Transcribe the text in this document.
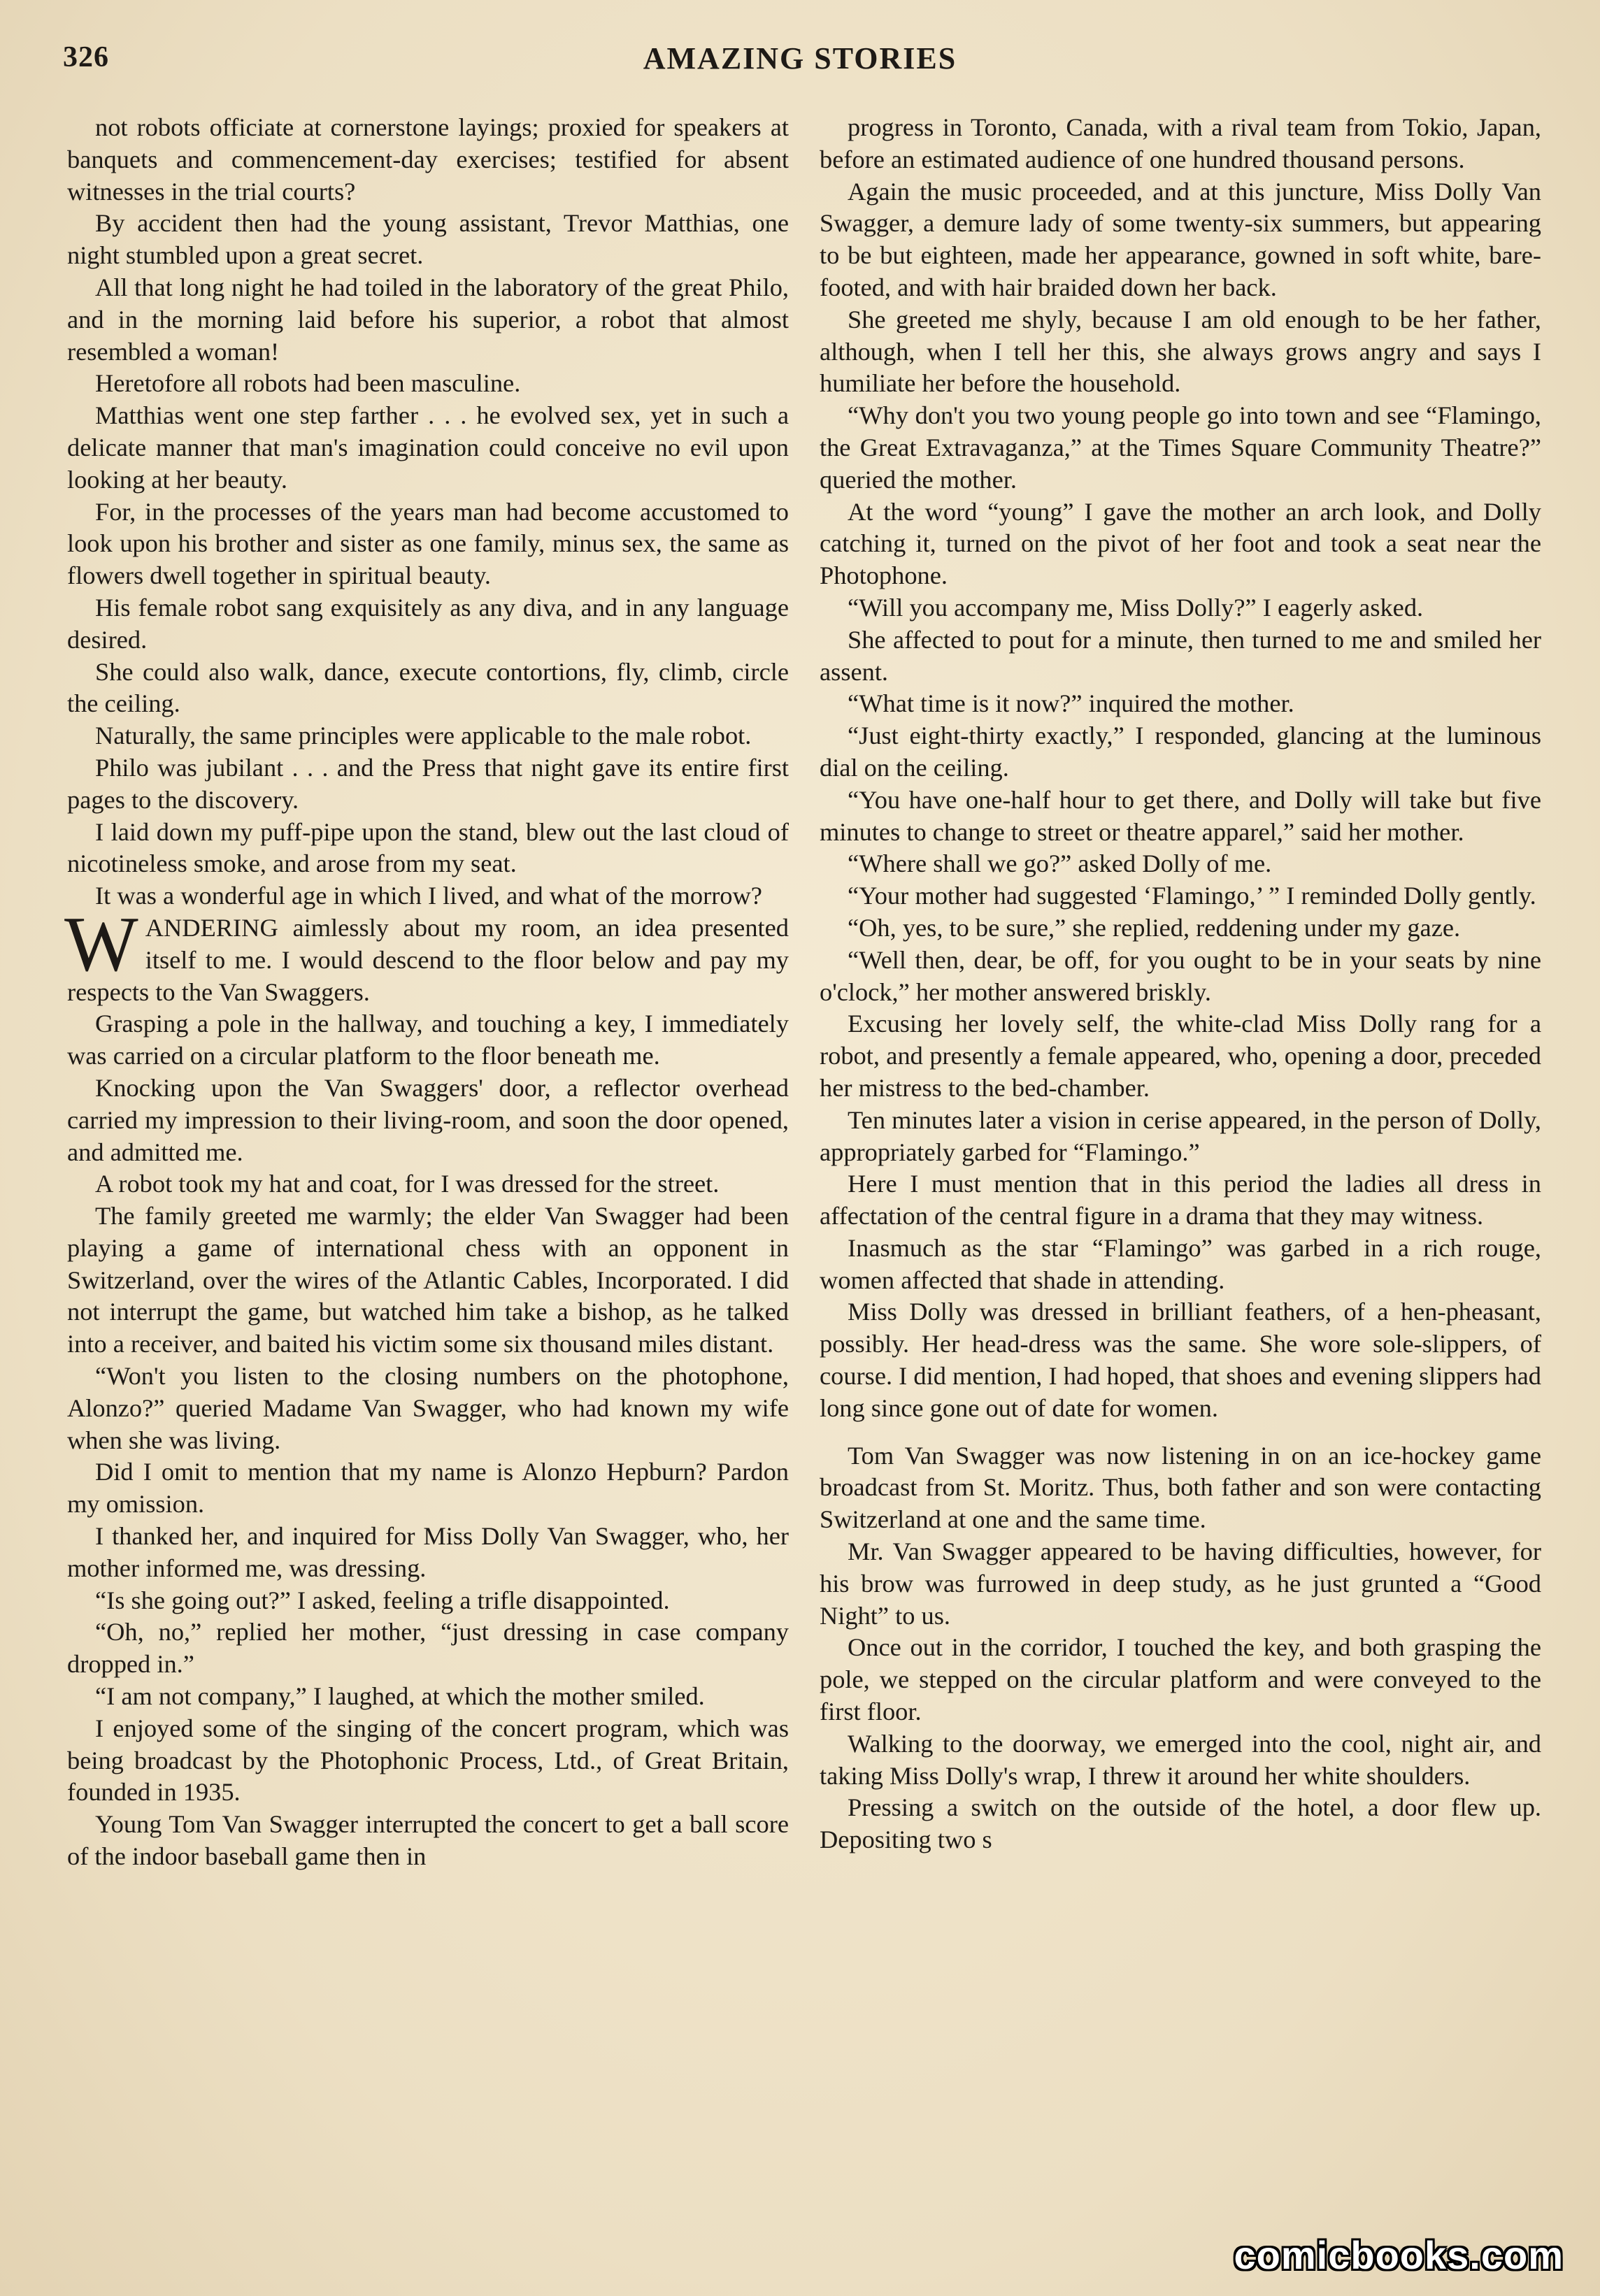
326	AMAZING STORIES

not robots officiate at cornerstone layings; proxied for speakers at banquets and commencement-day exercises; testified for absent witnesses in the trial courts?

By accident then had the young assistant, Trevor Matthias, one night stumbled upon a great secret.

All that long night he had toiled in the laboratory of the great Philo, and in the morning laid before his superior, a robot that almost resembled a woman!

Heretofore all robots had been masculine.

Matthias went one step farther . . . he evolved sex, yet in such a delicate manner that man's imagination could conceive no evil upon looking at her beauty.

For, in the processes of the years man had become accustomed to look upon his brother and sister as one family, minus sex, the same as flowers dwell together in spiritual beauty.

His female robot sang exquisitely as any diva, and in any language desired.

She could also walk, dance, execute contortions, fly, climb, circle the ceiling.

Naturally, the same principles were applicable to the male robot.

Philo was jubilant . . . and the Press that night gave its entire first pages to the discovery.

I laid down my puff-pipe upon the stand, blew out the last cloud of nicotineless smoke, and arose from my seat.

It was a wonderful age in which I lived, and what of the morrow?

WANDERING aimlessly about my room, an idea presented itself to me. I would descend to the floor below and pay my respects to the Van Swaggers.

Grasping a pole in the hallway, and touching a key, I immediately was carried on a circular platform to the floor beneath me.

Knocking upon the Van Swaggers' door, a reflector overhead carried my impression to their living-room, and soon the door opened, and admitted me.

A robot took my hat and coat, for I was dressed for the street.

The family greeted me warmly; the elder Van Swagger had been playing a game of international chess with an opponent in Switzerland, over the wires of the Atlantic Cables, Incorporated. I did not interrupt the game, but watched him take a bishop, as he talked into a receiver, and baited his victim some six thousand miles distant.

“Won't you listen to the closing numbers on the photophone, Alonzo?” queried Madame Van Swagger, who had known my wife when she was living.

Did I omit to mention that my name is Alonzo Hepburn? Pardon my omission.

I thanked her, and inquired for Miss Dolly Van Swagger, who, her mother informed me, was dressing.

“Is she going out?” I asked, feeling a trifle disappointed.

“Oh, no,” replied her mother, “just dressing in case company dropped in.”

“I am not company,” I laughed, at which the mother smiled.

I enjoyed some of the singing of the concert program, which was being broadcast by the Photophonic Process, Ltd., of Great Britain, founded in 1935.

Young Tom Van Swagger interrupted the concert to get a ball score of the indoor baseball game then in

progress in Toronto, Canada, with a rival team from Tokio, Japan, before an estimated audience of one hundred thousand persons.

Again the music proceeded, and at this juncture, Miss Dolly Van Swagger, a demure lady of some twenty-six summers, but appearing to be but eighteen, made her appearance, gowned in soft white, bare-footed, and with hair braided down her back.

She greeted me shyly, because I am old enough to be her father, although, when I tell her this, she always grows angry and says I humiliate her before the household.

“Why don't you two young people go into town and see “Flamingo, the Great Extravaganza,” at the Times Square Community Theatre?” queried the mother.

At the word “young” I gave the mother an arch look, and Dolly catching it, turned on the pivot of her foot and took a seat near the Photophone.

“Will you accompany me, Miss Dolly?” I eagerly asked.

She affected to pout for a minute, then turned to me and smiled her assent.

“What time is it now?” inquired the mother.

“Just eight-thirty exactly,” I responded, glancing at the luminous dial on the ceiling.

“You have one-half hour to get there, and Dolly will take but five minutes to change to street or theatre apparel,” said her mother.

“Where shall we go?” asked Dolly of me.

“Your mother had suggested ‘Flamingo,’ ” I reminded Dolly gently.

“Oh, yes, to be sure,” she replied, reddening under my gaze.

“Well then, dear, be off, for you ought to be in your seats by nine o'clock,” her mother answered briskly.

Excusing her lovely self, the white-clad Miss Dolly rang for a robot, and presently a female appeared, who, opening a door, preceded her mistress to the bed-chamber.

Ten minutes later a vision in cerise appeared, in the person of Dolly, appropriately garbed for “Flamingo.”

Here I must mention that in this period the ladies all dress in affectation of the central figure in a drama that they may witness.

Inasmuch as the star “Flamingo” was garbed in a rich rouge, women affected that shade in attending.

Miss Dolly was dressed in brilliant feathers, of a hen-pheasant, possibly. Her head-dress was the same. She wore sole-slippers, of course. I did mention, I had hoped, that shoes and evening slippers had long since gone out of date for women.

Tom Van Swagger was now listening in on an ice-hockey game broadcast from St. Moritz. Thus, both father and son were contacting Switzerland at one and the same time.

Mr. Van Swagger appeared to be having difficulties, however, for his brow was furrowed in deep study, as he just grunted a “Good Night” to us.

Once out in the corridor, I touched the key, and both grasping the pole, we stepped on the circular platform and were conveyed to the first floor.

Walking to the doorway, we emerged into the cool, night air, and taking Miss Dolly's wrap, I threw it around her white shoulders.

Pressing a switch on the outside of the hotel, a door flew up. Depositing two s

comicbooks.com
